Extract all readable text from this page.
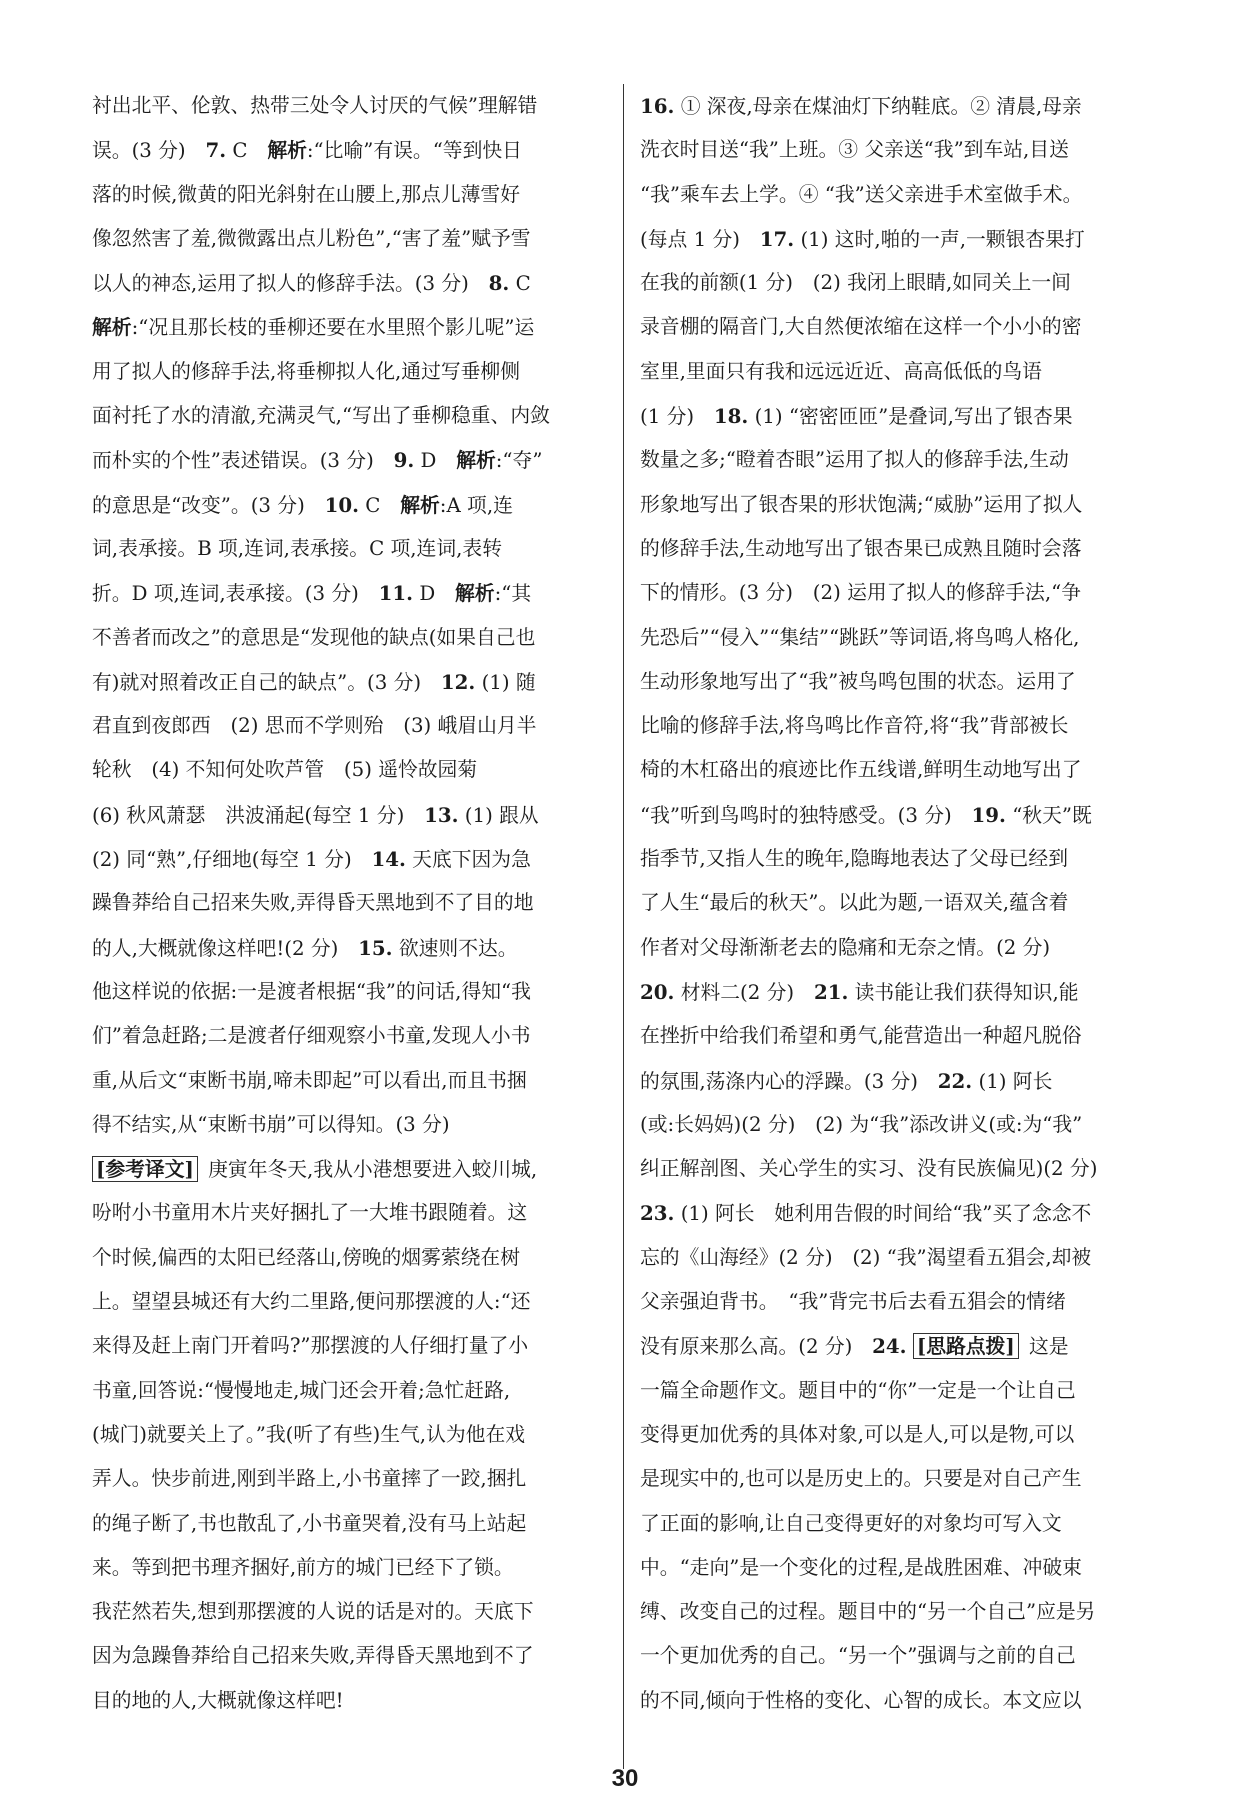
衬出北平、伦敦、热带三处令人讨厌的气候”理解错
误。(3 分)　7. C　解析:“比喻”有误。“等到快日
落的时候,微黄的阳光斜射在山腰上,那点儿薄雪好
像忽然害了羞,微微露出点儿粉色”,“害了羞”赋予雪
以人的神态,运用了拟人的修辞手法。(3 分)　8. C
解析:“况且那长枝的垂柳还要在水里照个影儿呢”运
用了拟人的修辞手法,将垂柳拟人化,通过写垂柳侧
面衬托了水的清澈,充满灵气,“写出了垂柳稳重、内敛
而朴实的个性”表述错误。(3 分)　9. D　解析:“夺”
的意思是“改变”。(3 分)　10. C　解析:A 项,连
词,表承接。B 项,连词,表承接。C 项,连词,表转
折。D 项,连词,表承接。(3 分)　11. D　解析:“其
不善者而改之”的意思是“发现他的缺点(如果自己也
有)就对照着改正自己的缺点”。(3 分)　12. (1) 随
君直到夜郎西　(2) 思而不学则殆　(3) 峨眉山月半
轮秋　(4) 不知何处吹芦管　(5) 遥怜故园菊
(6) 秋风萧瑟　洪波涌起(每空 1 分)　13. (1) 跟从
(2) 同“熟”,仔细地(每空 1 分)　14. 天底下因为急
躁鲁莽给自己招来失败,弄得昏天黑地到不了目的地
的人,大概就像这样吧!(2 分)　15. 欲速则不达。
他这样说的依据:一是渡者根据“我”的问话,得知“我
们”着急赶路;二是渡者仔细观察小书童,发现人小书
重,从后文“束断书崩,啼未即起”可以看出,而且书捆
得不结实,从“束断书崩”可以得知。(3 分)
[参考译文] 庚寅年冬天,我从小港想要进入蛟川城,
吩咐小书童用木片夹好捆扎了一大堆书跟随着。这
个时候,偏西的太阳已经落山,傍晚的烟雾萦绕在树
上。望望县城还有大约二里路,便问那摆渡的人:“还
来得及赶上南门开着吗?”那摆渡的人仔细打量了小
书童,回答说:“慢慢地走,城门还会开着;急忙赶路,
(城门)就要关上了。”我(听了有些)生气,认为他在戏
弄人。快步前进,刚到半路上,小书童摔了一跤,捆扎
的绳子断了,书也散乱了,小书童哭着,没有马上站起
来。等到把书理齐捆好,前方的城门已经下了锁。
我茫然若失,想到那摆渡的人说的话是对的。天底下
因为急躁鲁莽给自己招来失败,弄得昏天黑地到不了
目的地的人,大概就像这样吧!
16. ① 深夜,母亲在煤油灯下纳鞋底。② 清晨,母亲
洗衣时目送“我”上班。③ 父亲送“我”到车站,目送
“我”乘车去上学。④ “我”送父亲进手术室做手术。
(每点 1 分)　17. (1) 这时,啪的一声,一颗银杏果打
在我的前额(1 分)　(2) 我闭上眼睛,如同关上一间
录音棚的隔音门,大自然便浓缩在这样一个小小的密
室里,里面只有我和远远近近、高高低低的鸟语
(1 分)　18. (1) “密密匝匝”是叠词,写出了银杏果
数量之多;“瞪着杏眼”运用了拟人的修辞手法,生动
形象地写出了银杏果的形状饱满;“威胁”运用了拟人
的修辞手法,生动地写出了银杏果已成熟且随时会落
下的情形。(3 分)　(2) 运用了拟人的修辞手法,“争
先恐后”“侵入”“集结”“跳跃”等词语,将鸟鸣人格化,
生动形象地写出了“我”被鸟鸣包围的状态。运用了
比喻的修辞手法,将鸟鸣比作音符,将“我”背部被长
椅的木杠硌出的痕迹比作五线谱,鲜明生动地写出了
“我”听到鸟鸣时的独特感受。(3 分)　19. “秋天”既
指季节,又指人生的晚年,隐晦地表达了父母已经到
了人生“最后的秋天”。以此为题,一语双关,蕴含着
作者对父母渐渐老去的隐痛和无奈之情。(2 分)
20. 材料二(2 分)　21. 读书能让我们获得知识,能
在挫折中给我们希望和勇气,能营造出一种超凡脱俗
的氛围,荡涤内心的浮躁。(3 分)　22. (1) 阿长
(或:长妈妈)(2 分)　(2) 为“我”添改讲义(或:为“我”
纠正解剖图、关心学生的实习、没有民族偏见)(2 分)
23. (1) 阿长　她利用告假的时间给“我”买了念念不
忘的《山海经》(2 分)　(2) “我”渴望看五猖会,却被
父亲强迫背书。　“我”背完书后去看五猖会的情绪
没有原来那么高。(2 分)　24. [思路点拨] 这是
一篇全命题作文。题目中的“你”一定是一个让自己
变得更加优秀的具体对象,可以是人,可以是物,可以
是现实中的,也可以是历史上的。只要是对自己产生
了正面的影响,让自己变得更好的对象均可写入文
中。“走向”是一个变化的过程,是战胜困难、冲破束
缚、改变自己的过程。题目中的“另一个自己”应是另
一个更加优秀的自己。“另一个”强调与之前的自己
的不同,倾向于性格的变化、心智的成长。本文应以
30
